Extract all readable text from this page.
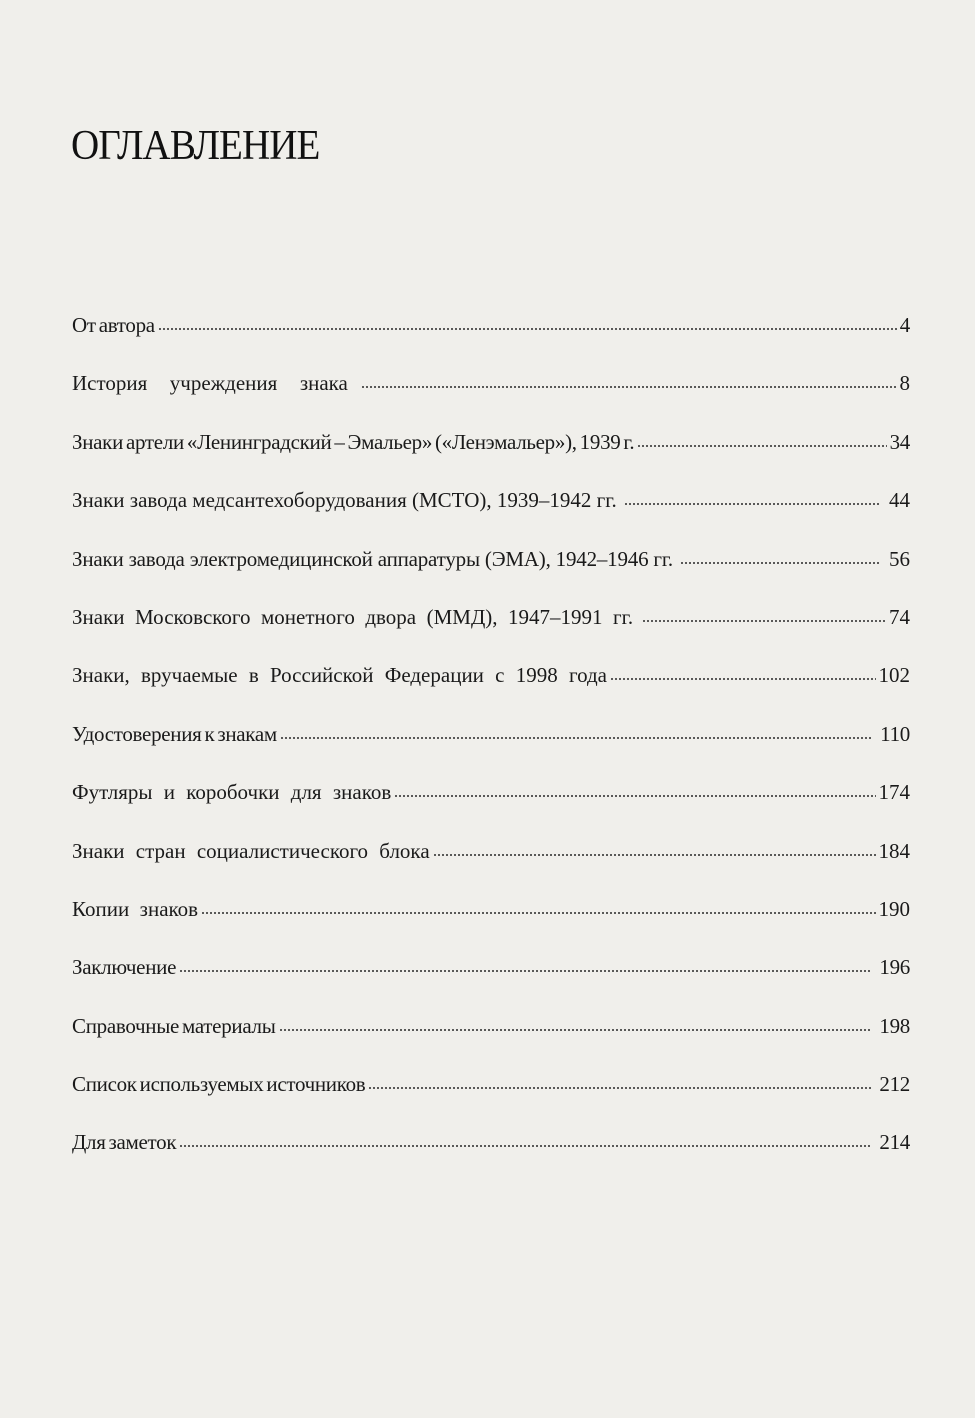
ОГЛАВЛЕНИЕ
От автора	4
История  учреждения  знака	8
Знаки артели «Ленинградский – Эмальер» («Ленэмальер»), 1939 г.	34
Знаки завода медсантехоборудования (МСТО), 1939–1942 гг.	44
Знаки завода электромедицинской аппаратуры (ЭМА), 1942–1946 гг.	56
Знаки  Московского  монетного  двора  (ММД),  1947–1991  гг.	74
Знаки, вручаемые в Российской Федерации с 1998 года	102
Удостоверения к знакам	110
Футляры и коробочки для знаков	174
Знаки стран социалистического блока	184
Копии  знаков	190
Заключение	196
Справочные материалы	198
Список используемых источников	212
Для заметок	214
